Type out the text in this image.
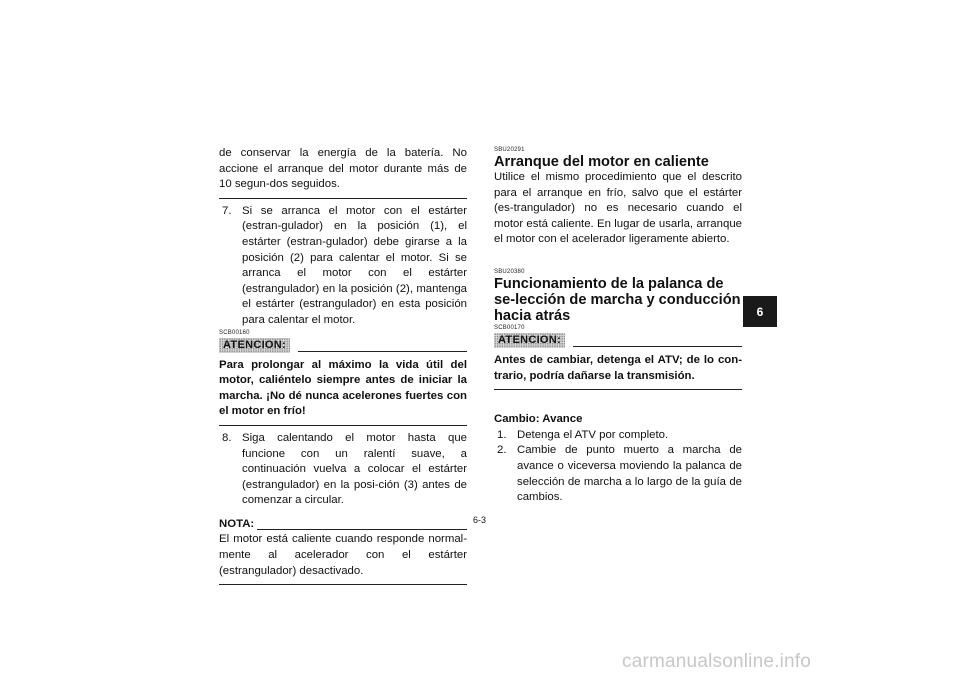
de conservar la energía de la batería. No accione el arranque del motor durante más de 10 segun-dos seguidos.

7. Si se arranca el motor con el estárter (estran-gulador) en la posición (1), el estárter (estran-gulador) debe girarse a la posición (2) para calentar el motor. Si se arranca el motor con el estárter (estrangulador) en la posición (2), mantenga el estárter (estrangulador) en esta posición para calentar el motor.
SCB00160
ATENCION:

Para prolongar al máximo la vida útil del motor, caliéntelo siempre antes de iniciar la marcha. ¡No dé nunca acelerones fuertes con el motor en frío!

8. Siga calentando el motor hasta que funcione con un ralentí suave, a continuación vuelva a colocar el estárter (estrangulador) en la posi-ción (3) antes de comenzar a circular.
NOTA:

El motor está caliente cuando responde normal-mente al acelerador con el estárter (estrangulador) desactivado.

SBU20291
Arranque del motor en caliente

Utilice el mismo procedimiento que el descrito para el arranque en frío, salvo que el estárter (es-trangulador) no es necesario cuando el motor está caliente. En lugar de usarla, arranque el motor con el acelerador ligeramente abierto.

SBU20380
Funcionamiento de la palanca de se-lección de marcha y conducción hacia atrás
SCB00170
ATENCION:

Antes de cambiar, detenga el ATV; de lo con-trario, podría dañarse la transmisión.

Cambio: Avance
1. Detenga el ATV por completo.
2. Cambie de punto muerto a marcha de avance o viceversa moviendo la palanca de selección de marcha a lo largo de la guía de cambios.
6-3
6
carmanualsonline.info
